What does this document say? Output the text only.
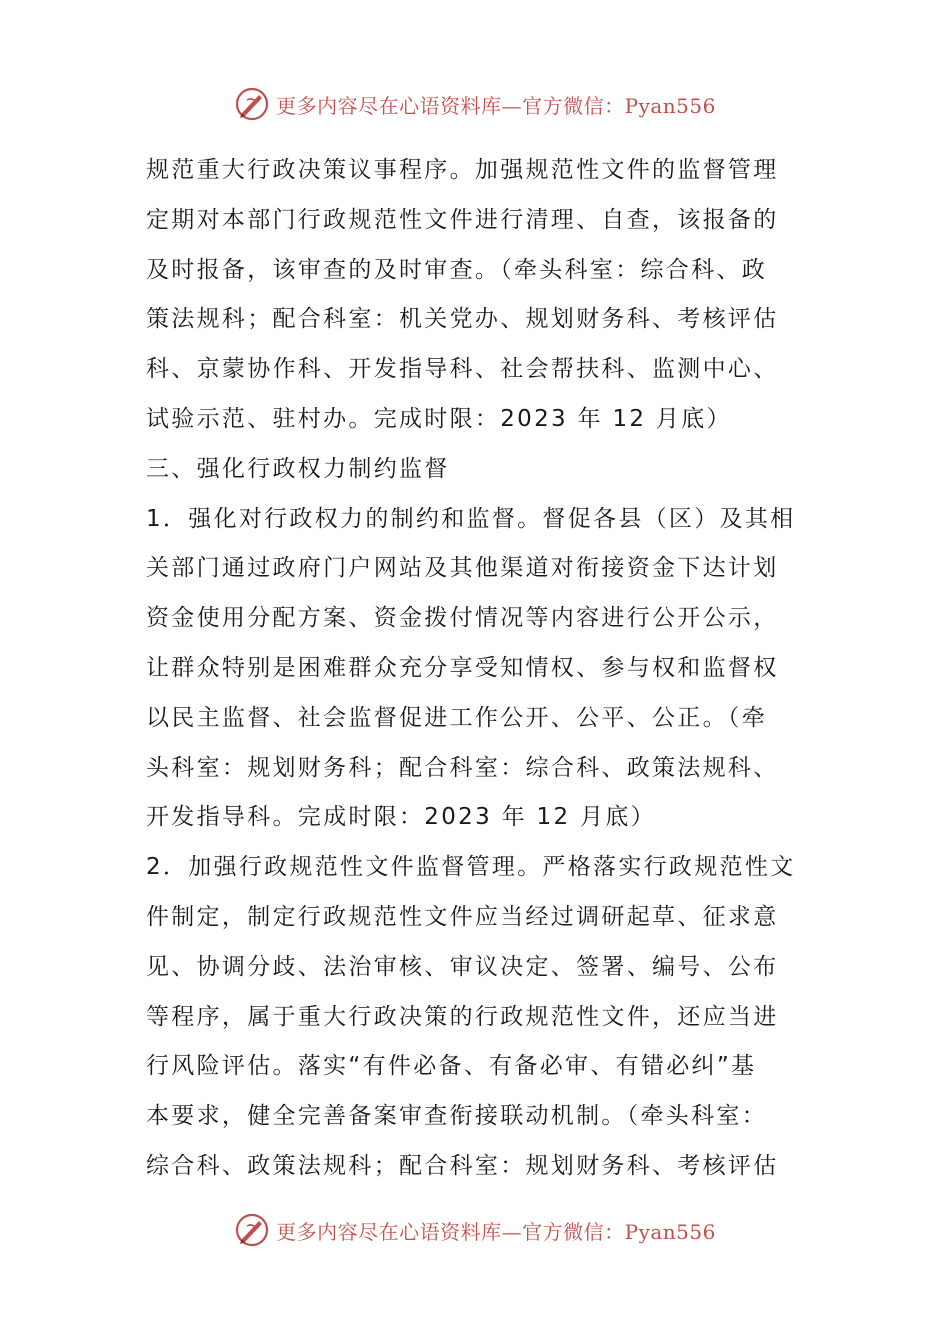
更多内容尽在心语资料库—官方微信：Pyan556
规范重大行政决策议事程序。加强规范性文件的监督管理
定期对本部门行政规范性文件进行清理、自查，该报备的
及时报备，该审查的及时审查。（牵头科室：综合科、政
策法规科；配合科室：机关党办、规划财务科、考核评估
科、京蒙协作科、开发指导科、社会帮扶科、监测中心、
试验示范、驻村办。完成时限：2023 年 12 月底）
三、强化行政权力制约监督
1．强化对行政权力的制约和监督。督促各县（区）及其相
关部门通过政府门户网站及其他渠道对衔接资金下达计划
资金使用分配方案、资金拨付情况等内容进行公开公示，
让群众特别是困难群众充分享受知情权、参与权和监督权
以民主监督、社会监督促进工作公开、公平、公正。（牵
头科室：规划财务科；配合科室：综合科、政策法规科、
开发指导科。完成时限：2023 年 12 月底）
2．加强行政规范性文件监督管理。严格落实行政规范性文
件制定，制定行政规范性文件应当经过调研起草、征求意
见、协调分歧、法治审核、审议决定、签署、编号、公布
等程序，属于重大行政决策的行政规范性文件，还应当进
行风险评估。落实“有件必备、有备必审、有错必纠”基
本要求，健全完善备案审查衔接联动机制。（牵头科室：
综合科、政策法规科；配合科室：规划财务科、考核评估
更多内容尽在心语资料库—官方微信：Pyan556
